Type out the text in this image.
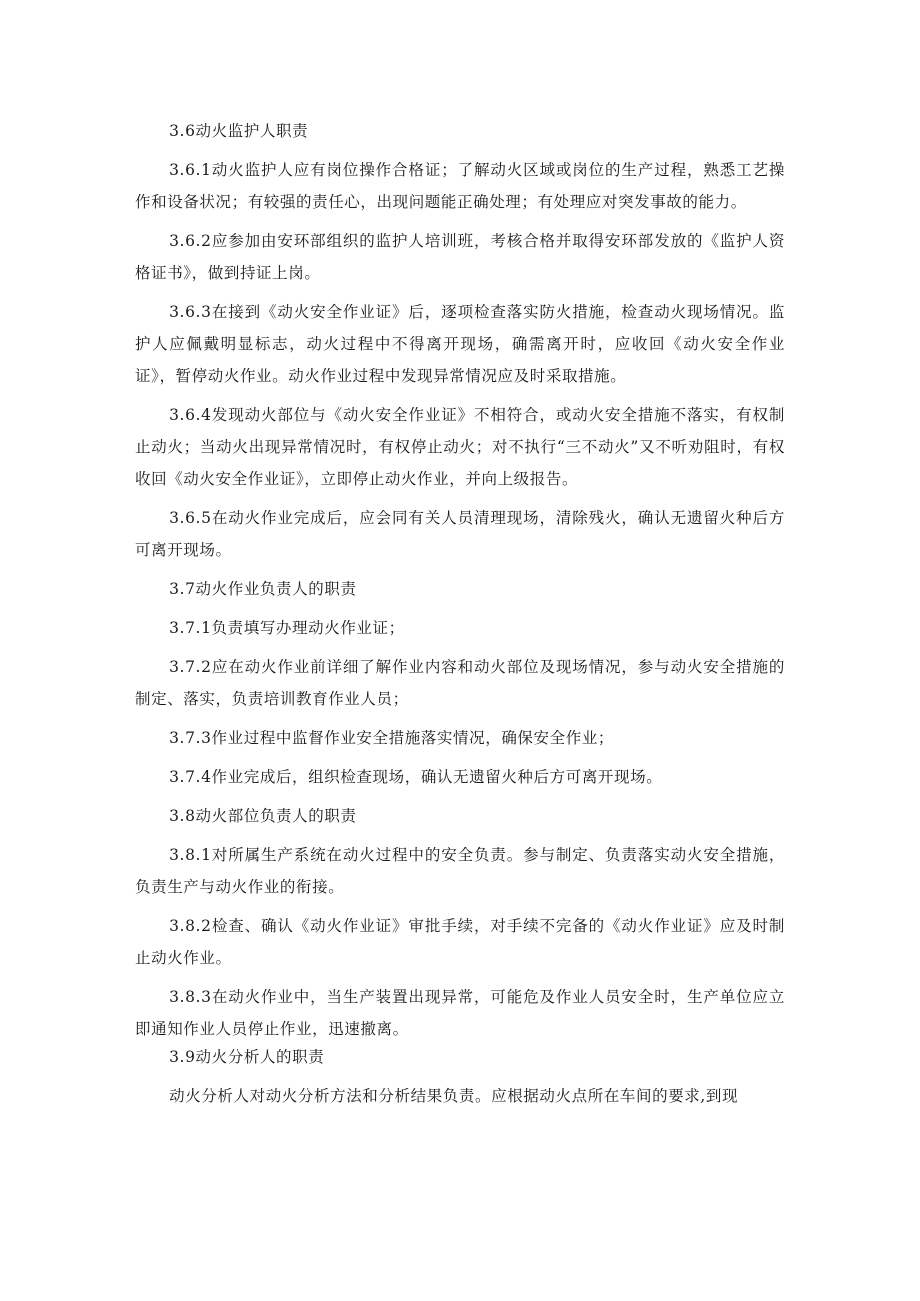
3.6动火监护人职责

3.6.1动火监护人应有岗位操作合格证；了解动火区域或岗位的生产过程，熟悉工艺操作和设备状况；有较强的责任心，出现问题能正确处理；有处理应对突发事故的能力。

3.6.2应参加由安环部组织的监护人培训班，考核合格并取得安环部发放的《监护人资格证书》，做到持证上岗。

3.6.3在接到《动火安全作业证》后，逐项检查落实防火措施，检查动火现场情况。监护人应佩戴明显标志，动火过程中不得离开现场，确需离开时，应收回《动火安全作业证》，暂停动火作业。动火作业过程中发现异常情况应及时采取措施。

3.6.4发现动火部位与《动火安全作业证》不相符合，或动火安全措施不落实，有权制止动火；当动火出现异常情况时，有权停止动火；对不执行“三不动火”又不听劝阻时，有权收回《动火安全作业证》，立即停止动火作业，并向上级报告。

3.6.5在动火作业完成后，应会同有关人员清理现场，清除残火，确认无遗留火种后方可离开现场。

3.7动火作业负责人的职责

3.7.1负责填写办理动火作业证；

3.7.2应在动火作业前详细了解作业内容和动火部位及现场情况，参与动火安全措施的制定、落实，负责培训教育作业人员；

3.7.3作业过程中监督作业安全措施落实情况，确保安全作业；

3.7.4作业完成后，组织检查现场，确认无遗留火种后方可离开现场。

3.8动火部位负责人的职责

3.8.1对所属生产系统在动火过程中的安全负责。参与制定、负责落实动火安全措施，负责生产与动火作业的衔接。

3.8.2检查、确认《动火作业证》审批手续，对手续不完备的《动火作业证》应及时制止动火作业。

3.8.3在动火作业中，当生产装置出现异常，可能危及作业人员安全时，生产单位应立即通知作业人员停止作业，迅速撤离。

3.9动火分析人的职责

动火分析人对动火分析方法和分析结果负责。应根据动火点所在车间的要求,到现
